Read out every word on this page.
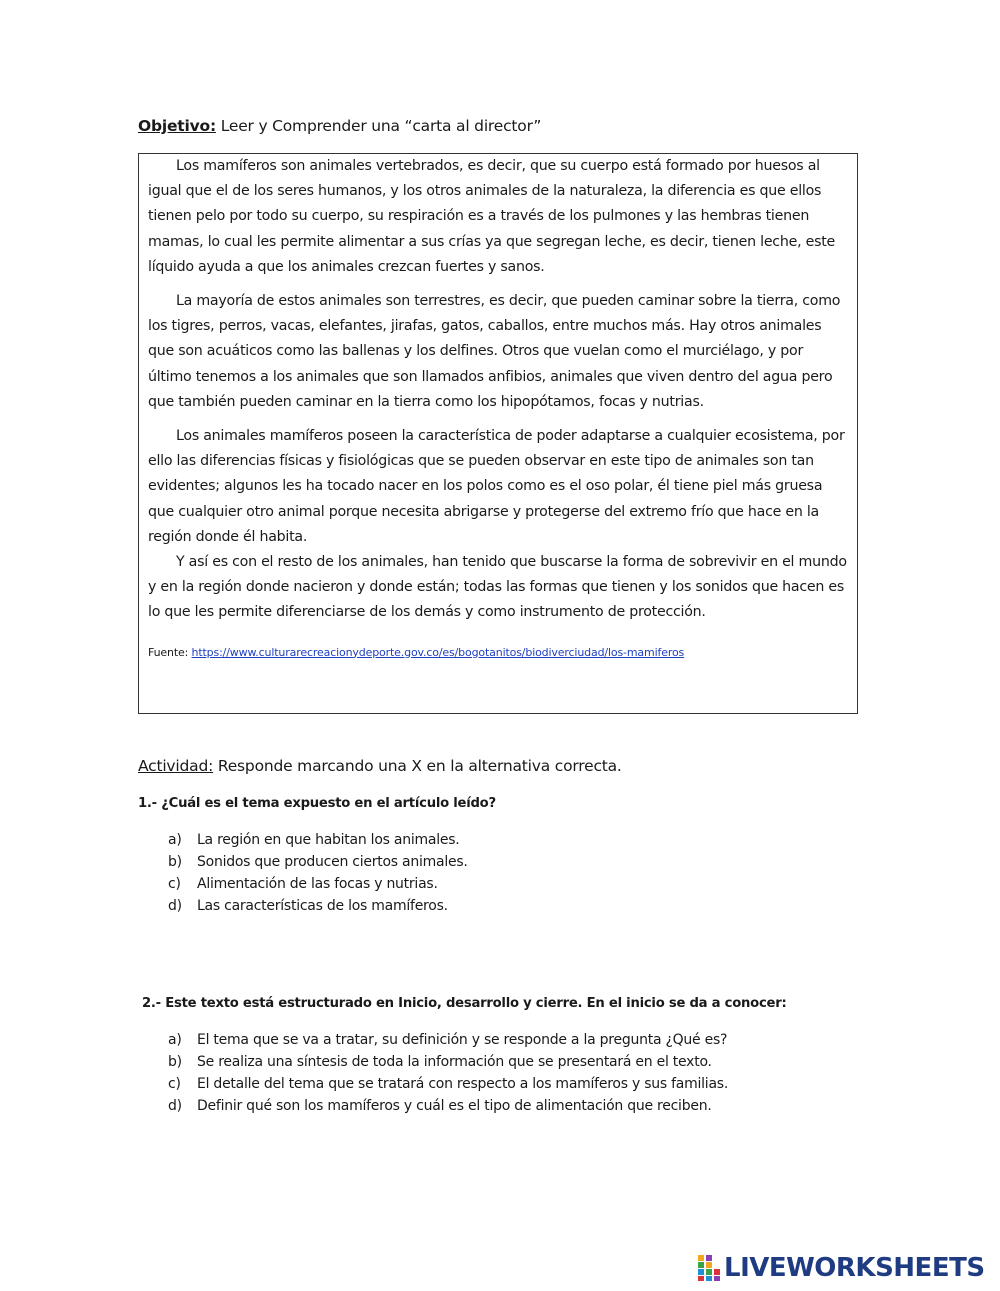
Objetivo: Leer y Comprender una “carta al director”

Los mamíferos son animales vertebrados, es decir, que su cuerpo está formado por huesos al igual que el de los seres humanos, y los otros animales de la naturaleza, la diferencia es que ellos tienen pelo por todo su cuerpo, su respiración es a través de los pulmones y las hembras tienen mamas, lo cual les permite alimentar a sus crías ya que segregan leche, es decir, tienen leche, este líquido ayuda a que los animales crezcan fuertes y sanos.

La mayoría de estos animales son terrestres, es decir, que pueden caminar sobre la tierra, como los tigres, perros, vacas, elefantes, jirafas, gatos, caballos, entre muchos más. Hay otros animales que son acuáticos como las ballenas y los delfines. Otros que vuelan como el murciélago, y por último tenemos a los animales que son llamados anfibios, animales que viven dentro del agua pero que también pueden caminar en la tierra como los hipopótamos, focas y nutrias.

Los animales mamíferos poseen la característica de poder adaptarse a cualquier ecosistema, por ello las diferencias físicas y fisiológicas que se pueden observar en este tipo de animales son tan evidentes; algunos les ha tocado nacer en los polos como es el oso polar, él tiene piel más gruesa que cualquier otro animal porque necesita abrigarse y protegerse del extremo frío que hace en la región donde él habita.

Y así es con el resto de los animales, han tenido que buscarse la forma de sobrevivir en el mundo y en la región donde nacieron y donde están; todas las formas que tienen y los sonidos que hacen es lo que les permite diferenciarse de los demás y como instrumento de protección.

Fuente: https://www.culturarecreacionydeporte.gov.co/es/bogotanitos/biodiverciudad/los-mamiferos
Actividad: Responde marcando una X en la alternativa correcta.
1.- ¿Cuál es el tema expuesto en el artículo leído?
a)	La región en que habitan los animales.
b)	Sonidos que producen ciertos animales.
c)	Alimentación de las focas y nutrias.
d)	Las características de los mamíferos.
2.- Este texto está estructurado en Inicio, desarrollo y cierre. En el inicio se da a conocer:
a)	El tema que se va a tratar, su definición y se responde a la pregunta ¿Qué es?
b)	Se realiza una síntesis de toda la información que se presentará en el texto.
c)	El detalle del tema que se tratará con respecto a los mamíferos y sus familias.
d)	Definir qué son los mamíferos y cuál es el tipo de alimentación que reciben.
LIVEWORKSHEETS
